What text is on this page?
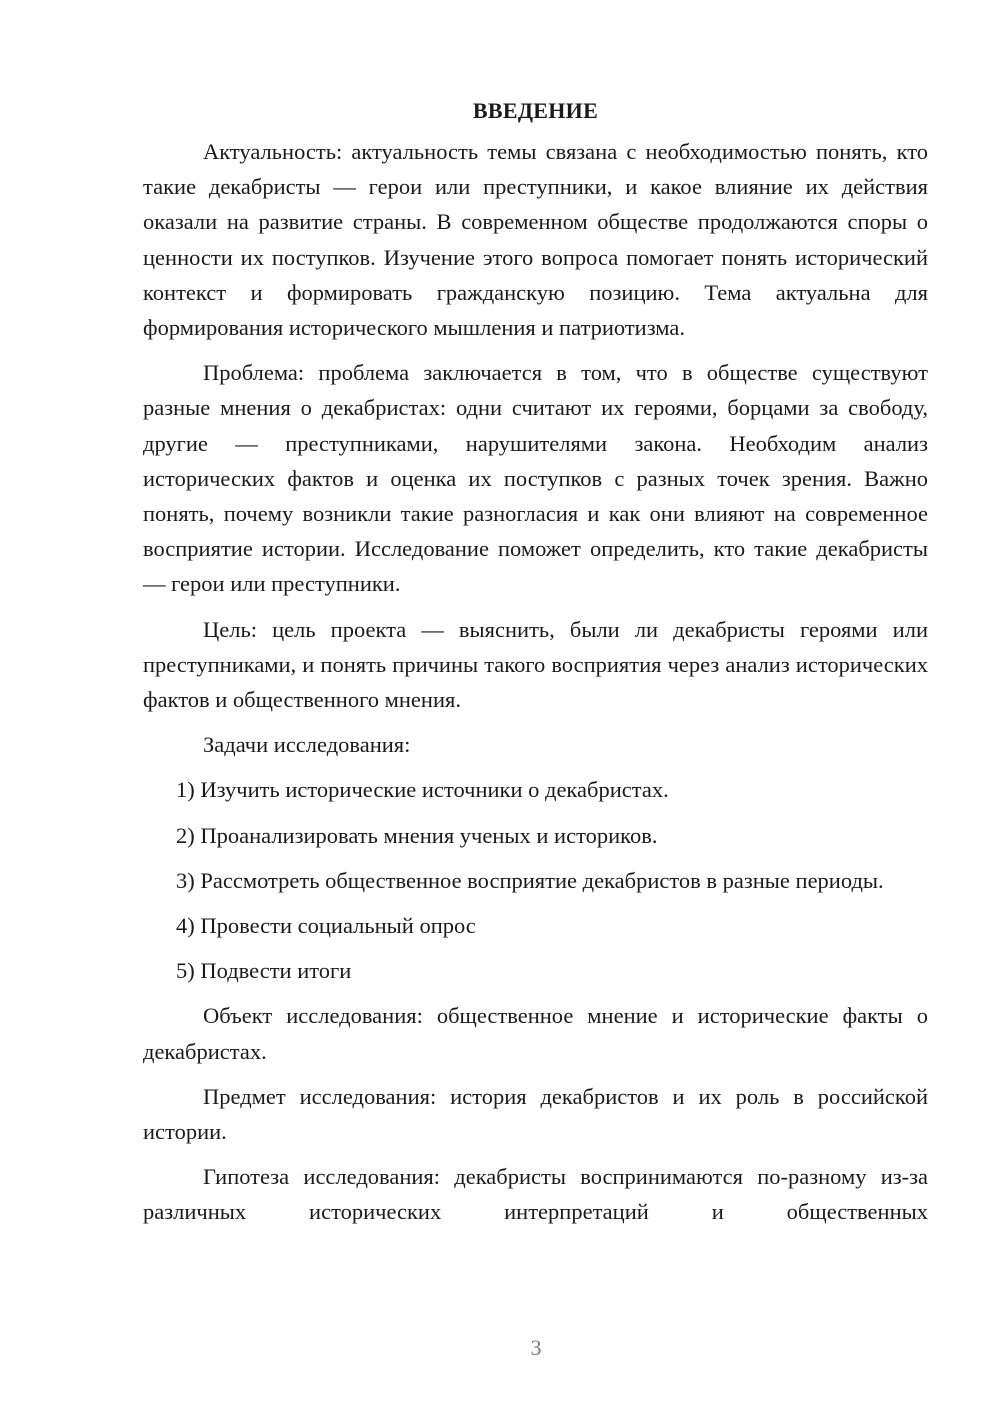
ВВЕДЕНИЕ

Актуальность: актуальность темы связана с необходимостью понять, кто такие декабристы — герои или преступники, и какое влияние их действия оказали на развитие страны. В современном обществе продолжаются споры о ценности их поступков. Изучение этого вопроса помогает понять исторический контекст и формировать гражданскую позицию. Тема актуальна для формирования исторического мышления и патриотизма.

Проблема: проблема заключается в том, что в обществе существуют разные мнения о декабристах: одни считают их героями, борцами за свободу, другие — преступниками, нарушителями закона. Необходим анализ исторических фактов и оценка их поступков с разных точек зрения. Важно понять, почему возникли такие разногласия и как они влияют на современное восприятие истории. Исследование поможет определить, кто такие декабристы — герои или преступники.

Цель: цель проекта — выяснить, были ли декабристы героями или преступниками, и понять причины такого восприятия через анализ исторических фактов и общественного мнения.

Задачи исследования:

1) Изучить исторические источники о декабристах.

2) Проанализировать мнения ученых и историков.

3) Рассмотреть общественное восприятие декабристов в разные периоды.

4) Провести социальный опрос

5) Подвести итоги

Объект исследования: общественное мнение и исторические факты о декабристах.

Предмет исследования: история декабристов и их роль в российской истории.

Гипотеза исследования: декабристы воспринимаются по-разному из-за различных исторических интерпретаций и общественных

3
